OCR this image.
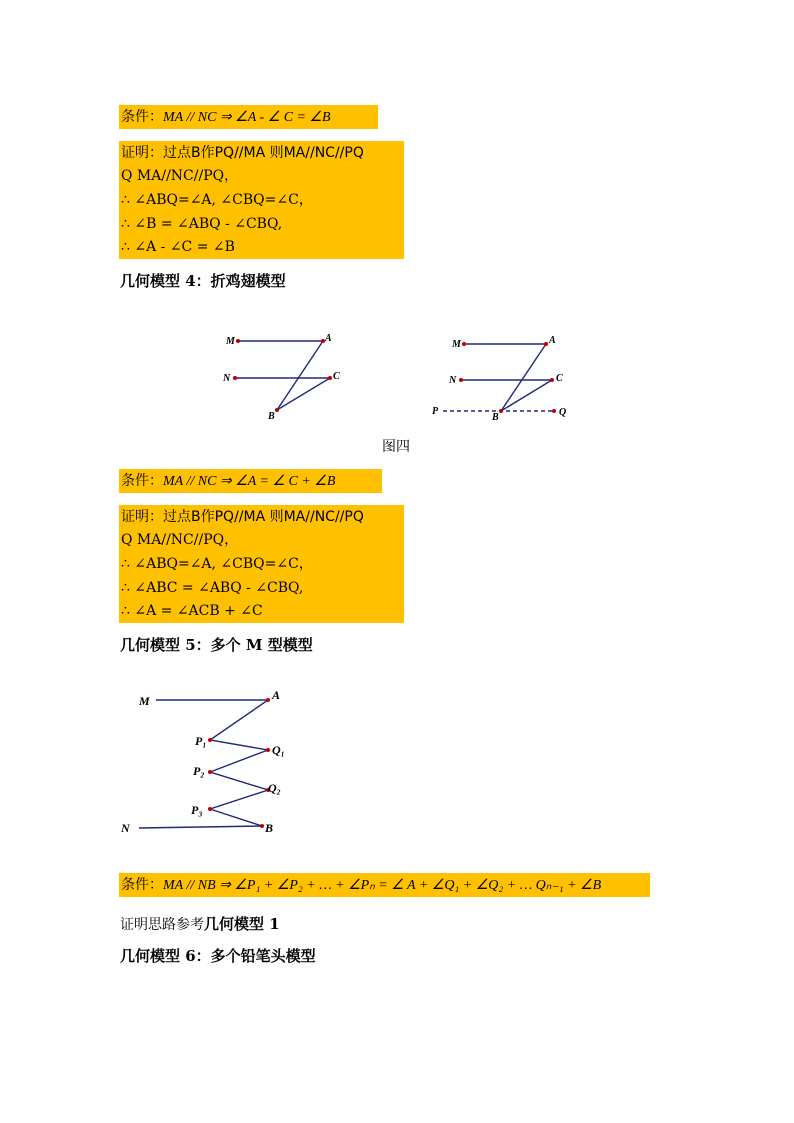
条件：MA // NC ⇒ ∠A - ∠ C = ∠B
证明：过点B作PQ//MA 则MA//NC//PQ
Q MA//NC//PQ，
∴ ∠ABQ=∠A, ∠CBQ=∠C，
∴ ∠B = ∠ABQ - ∠CBQ,
∴ ∠A - ∠C = ∠B
几何模型 4：折鸡翅模型
M	A
N	C
B
M	A
N	C
P
B	Q
图四
条件：MA // NC ⇒ ∠A = ∠ C + ∠B
证明：过点B作PQ//MA 则MA//NC//PQ
Q MA//NC//PQ，
∴ ∠ABQ=∠A, ∠CBQ=∠C，
∴ ∠ABC = ∠ABQ - ∠CBQ,
∴ ∠A = ∠ACB + ∠C
几何模型 5：多个 M 型模型
M	A
P₁
Q₁
P₂
Q₂
P₃
N	B
条件：MA // NB ⇒ ∠P₁ + ∠P₂ + … + ∠Pₙ = ∠ A + ∠Q₁ + ∠Q₂ + … Qₙ₋₁ + ∠B
证明思路参考几何模型 1
几何模型 6：多个铅笔头模型
